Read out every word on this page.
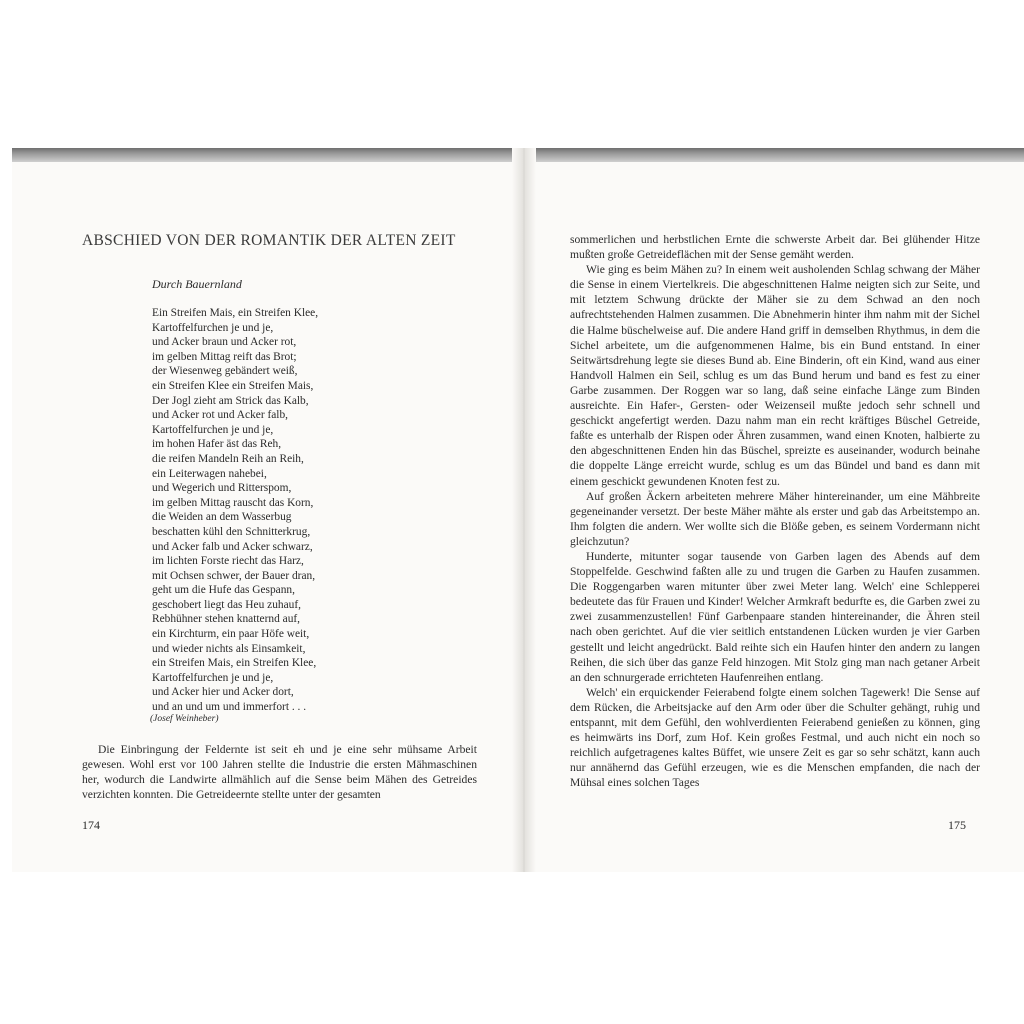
ABSCHIED VON DER ROMANTIK DER ALTEN ZEIT
Durch Bauernland
Ein Streifen Mais, ein Streifen Klee,
Kartoffelfurchen je und je,
und Acker braun und Acker rot,
im gelben Mittag reift das Brot;
der Wiesenweg gebändert weiß,
ein Streifen Klee ein Streifen Mais,
Der Jogl zieht am Strick das Kalb,
und Acker rot und Acker falb,
Kartoffelfurchen je und je,
im hohen Hafer äst das Reh,
die reifen Mandeln Reih an Reih,
ein Leiterwagen nahebei,
und Wegerich und Ritterspom,
im gelben Mittag rauscht das Korn,
die Weiden an dem Wasserbug
beschatten kühl den Schnitterkrug,
und Acker falb und Acker schwarz,
im lichten Forste riecht das Harz,
mit Ochsen schwer, der Bauer dran,
geht um die Hufe das Gespann,
geschobert liegt das Heu zuhauf,
Rebhühner stehen knatternd auf,
ein Kirchturm, ein paar Höfe weit,
und wieder nichts als Einsamkeit,
ein Streifen Mais, ein Streifen Klee,
Kartoffelfurchen je und je,
und Acker hier und Acker dort,
und an und um und immerfort . . .
(Josef Weinheber)

Die Einbringung der Feldernte ist seit eh und je eine sehr mühsame Arbeit gewesen. Wohl erst vor 100 Jahren stellte die Industrie die ersten Mähmaschinen her, wodurch die Landwirte allmählich auf die Sense beim Mähen des Getreides verzichten konnten. Die Getreideernte stellte unter der gesamten

174

sommerlichen und herbstlichen Ernte die schwerste Arbeit dar. Bei glühender Hitze mußten große Getreideflächen mit der Sense gemäht werden.

Wie ging es beim Mähen zu? In einem weit ausholenden Schlag schwang der Mäher die Sense in einem Viertelkreis. Die abgeschnittenen Halme neigten sich zur Seite, und mit letztem Schwung drückte der Mäher sie zu dem Schwad an den noch aufrechtstehenden Halmen zusammen. Die Abnehmerin hinter ihm nahm mit der Sichel die Halme büschelweise auf. Die andere Hand griff in demselben Rhythmus, in dem die Sichel arbeitete, um die aufgenommenen Halme, bis ein Bund entstand. In einer Seitwärtsdrehung legte sie dieses Bund ab. Eine Binderin, oft ein Kind, wand aus einer Handvoll Halmen ein Seil, schlug es um das Bund herum und band es fest zu einer Garbe zusammen. Der Roggen war so lang, daß seine einfache Länge zum Binden ausreichte. Ein Hafer-, Gersten- oder Weizenseil mußte jedoch sehr schnell und geschickt angefertigt werden. Dazu nahm man ein recht kräftiges Büschel Getreide, faßte es unterhalb der Rispen oder Ähren zusammen, wand einen Knoten, halbierte zu den abgeschnittenen Enden hin das Büschel, spreizte es auseinander, wodurch beinahe die doppelte Länge erreicht wurde, schlug es um das Bündel und band es dann mit einem geschickt gewundenen Knoten fest zu.

Auf großen Äckern arbeiteten mehrere Mäher hintereinander, um eine Mähbreite gegeneinander versetzt. Der beste Mäher mähte als erster und gab das Arbeitstempo an. Ihm folgten die andern. Wer wollte sich die Blöße geben, es seinem Vordermann nicht gleichzutun?

Hunderte, mitunter sogar tausende von Garben lagen des Abends auf dem Stoppelfelde. Geschwind faßten alle zu und trugen die Garben zu Haufen zusammen. Die Roggengarben waren mitunter über zwei Meter lang. Welch' eine Schlepperei bedeutete das für Frauen und Kinder! Welcher Armkraft bedurfte es, die Garben zwei zu zwei zusammenzustellen! Fünf Garbenpaare standen hintereinander, die Ähren steil nach oben gerichtet. Auf die vier seitlich entstandenen Lücken wurden je vier Garben gestellt und leicht angedrückt. Bald reihte sich ein Haufen hinter den andern zu langen Reihen, die sich über das ganze Feld hinzogen. Mit Stolz ging man nach getaner Arbeit an den schnurgerade errichteten Haufenreihen entlang.

Welch' ein erquickender Feierabend folgte einem solchen Tagewerk! Die Sense auf dem Rücken, die Arbeitsjacke auf den Arm oder über die Schulter gehängt, ruhig und entspannt, mit dem Gefühl, den wohlverdienten Feierabend genießen zu können, ging es heimwärts ins Dorf, zum Hof. Kein großes Festmal, und auch nicht ein noch so reichlich aufgetragenes kaltes Büffet, wie unsere Zeit es gar so sehr schätzt, kann auch nur annähernd das Gefühl erzeugen, wie es die Menschen empfanden, die nach der Mühsal eines solchen Tages

175
